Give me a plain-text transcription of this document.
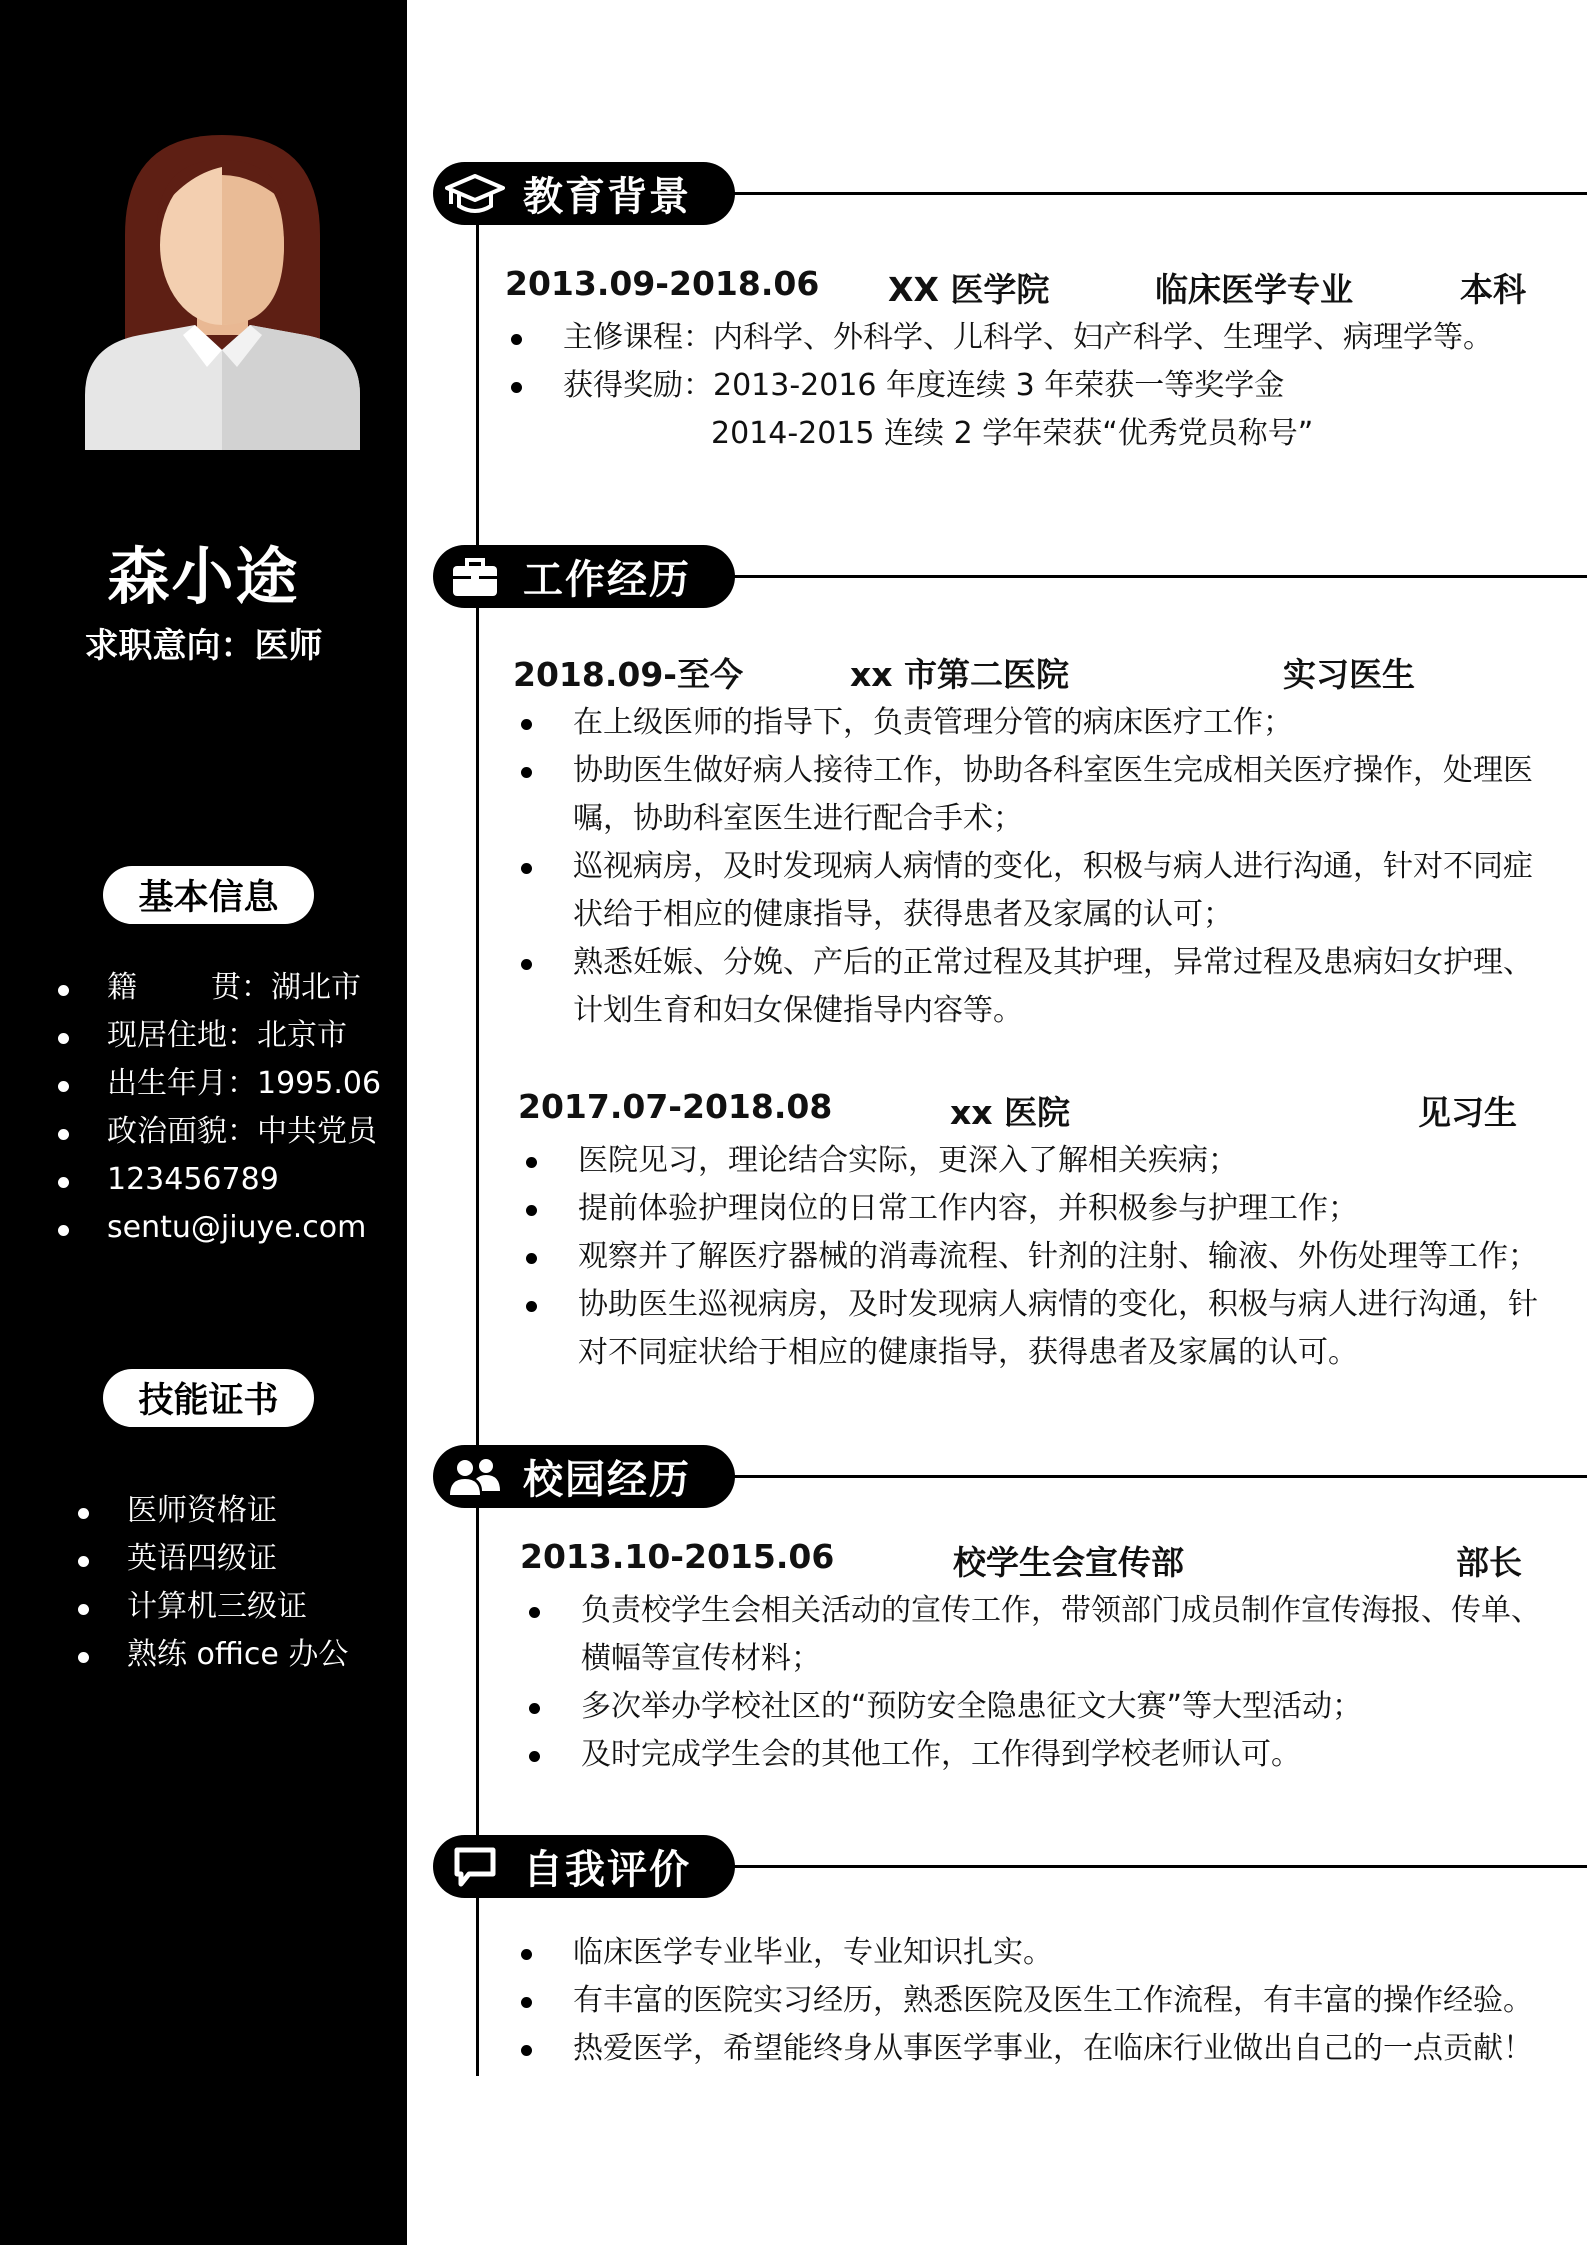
森小途
求职意向：医师
基本信息
籍贯：湖北市
现居住地：北京市
出生年月：1995.06
政治面貌：中共党员
123456789
sentu@jiuye.com
技能证书
医师资格证
英语四级证
计算机三级证
熟练 office 办公
教育背景
2013.09-2018.06 XX 医学院	临床医学专业	本科
主修课程：内科学、外科学、儿科学、妇产科学、生理学、病理学等。
获得奖励：2013-2016 年度连续 3 年荣获一等奖学金
2014-2015 连续 2 学年荣获“优秀党员称号”
工作经历
2018.09-至今	xx 市第二医院	实习医生
在上级医师的指导下，负责管理分管的病床医疗工作；
协助医生做好病人接待工作，协助各科室医生完成相关医疗操作，处理医
嘱，协助科室医生进行配合手术；
巡视病房，及时发现病人病情的变化，积极与病人进行沟通，针对不同症
状给于相应的健康指导，获得患者及家属的认可；
熟悉妊娠、分娩、产后的正常过程及其护理，异常过程及患病妇女护理、
计划生育和妇女保健指导内容等。
2017.07-2018.08	xx 医院	见习生
医院见习，理论结合实际，更深入了解相关疾病；
提前体验护理岗位的日常工作内容，并积极参与护理工作；
观察并了解医疗器械的消毒流程、针剂的注射、输液、外伤处理等工作；
协助医生巡视病房，及时发现病人病情的变化，积极与病人进行沟通，针
对不同症状给于相应的健康指导，获得患者及家属的认可。
校园经历
2013.10-2015.06	校学生会宣传部	部长
负责校学生会相关活动的宣传工作，带领部门成员制作宣传海报、传单、
横幅等宣传材料；
多次举办学校社区的“预防安全隐患征文大赛”等大型活动；
及时完成学生会的其他工作，工作得到学校老师认可。
自我评价
临床医学专业毕业，专业知识扎实。
有丰富的医院实习经历，熟悉医院及医生工作流程，有丰富的操作经验。
热爱医学，希望能终身从事医学事业，在临床行业做出自己的一点贡献！
